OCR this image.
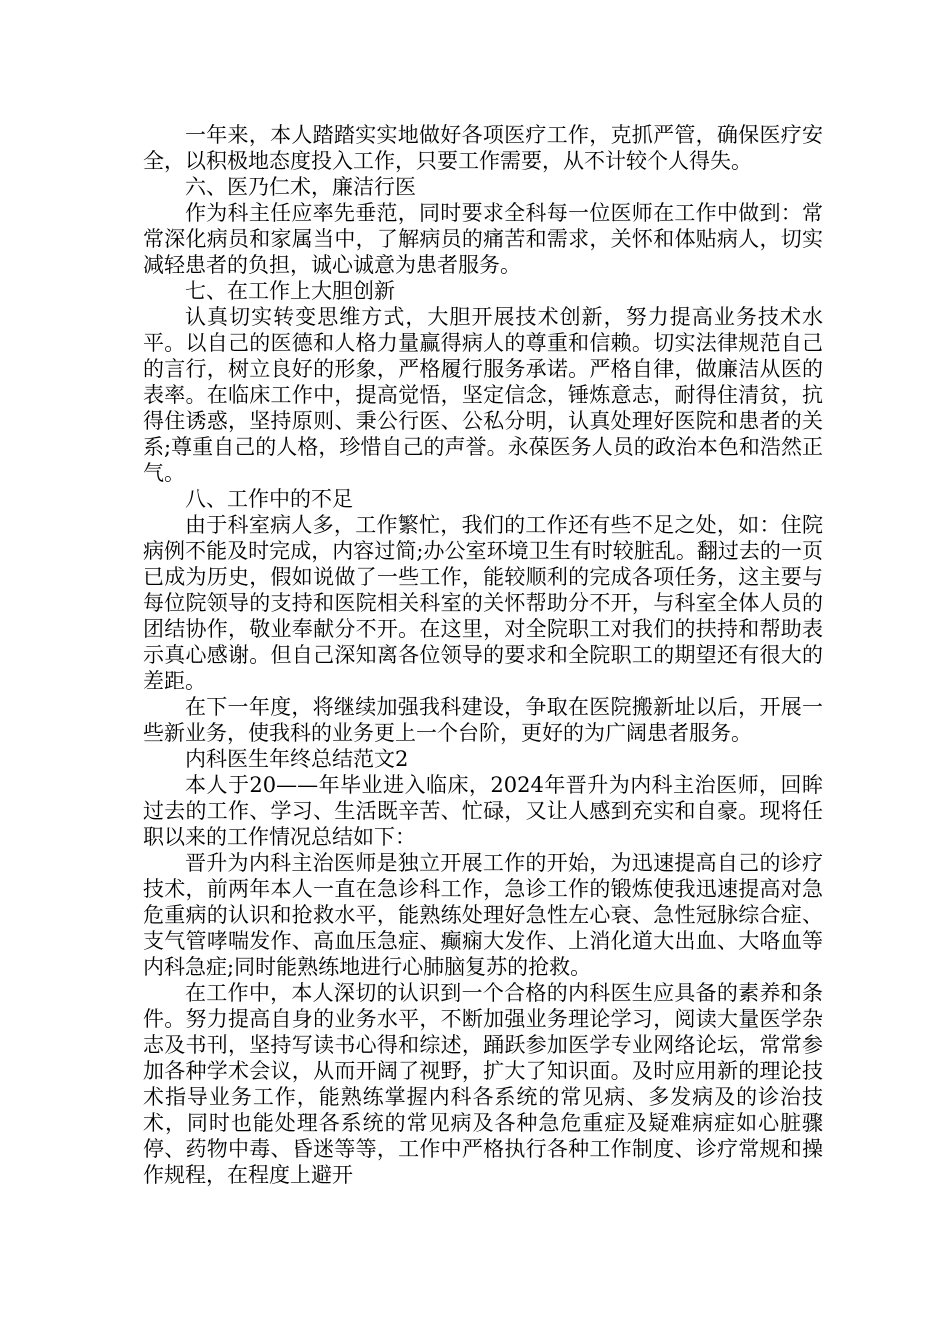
一年来，本人踏踏实实地做好各项医疗工作，克抓严管，确保医疗安全，以积极地态度投入工作，只要工作需要，从不计较个人得失。

六、医乃仁术，廉洁行医

作为科主任应率先垂范，同时要求全科每一位医师在工作中做到：常常深化病员和家属当中，了解病员的痛苦和需求，关怀和体贴病人，切实减轻患者的负担，诚心诚意为患者服务。

七、在工作上大胆创新

认真切实转变思维方式，大胆开展技术创新，努力提高业务技术水平。以自己的医德和人格力量赢得病人的尊重和信赖。切实法律规范自己的言行，树立良好的形象，严格履行服务承诺。严格自律，做廉洁从医的表率。在临床工作中，提高觉悟，坚定信念，锤炼意志，耐得住清贫，抗得住诱惑，坚持原则、秉公行医、公私分明，认真处理好医院和患者的关系;尊重自己的人格，珍惜自己的声誉。永葆医务人员的政治本色和浩然正气。

八、工作中的不足

由于科室病人多，工作繁忙，我们的工作还有些不足之处，如：住院病例不能及时完成，内容过简;办公室环境卫生有时较脏乱。翻过去的一页已成为历史，假如说做了一些工作，能较顺利的完成各项任务，这主要与每位院领导的支持和医院相关科室的关怀帮助分不开，与科室全体人员的团结协作，敬业奉献分不开。在这里，对全院职工对我们的扶持和帮助表示真心感谢。但自己深知离各位领导的要求和全院职工的期望还有很大的差距。

在下一年度，将继续加强我科建设，争取在医院搬新址以后，开展一些新业务，使我科的业务更上一个台阶，更好的为广阔患者服务。

内科医生年终总结范文2

本人于20——年毕业进入临床，2024年晋升为内科主治医师，回眸过去的工作、学习、生活既辛苦、忙碌，又让人感到充实和自豪。现将任职以来的工作情况总结如下：

晋升为内科主治医师是独立开展工作的开始，为迅速提高自己的诊疗技术，前两年本人一直在急诊科工作，急诊工作的锻炼使我迅速提高对急危重病的认识和抢救水平，能熟练处理好急性左心衰、急性冠脉综合症、支气管哮喘发作、高血压急症、癫痫大发作、上消化道大出血、大咯血等内科急症;同时能熟练地进行心肺脑复苏的抢救。

在工作中，本人深切的认识到一个合格的内科医生应具备的素养和条件。努力提高自身的业务水平，不断加强业务理论学习，阅读大量医学杂志及书刊，坚持写读书心得和综述，踊跃参加医学专业网络论坛，常常参加各种学术会议，从而开阔了视野，扩大了知识面。及时应用新的理论技术指导业务工作，能熟练掌握内科各系统的常见病、多发病及的诊治技术，同时也能处理各系统的常见病及各种急危重症及疑难病症如心脏骤停、药物中毒、昏迷等等，工作中严格执行各种工作制度、诊疗常规和操作规程，在程度上避开
